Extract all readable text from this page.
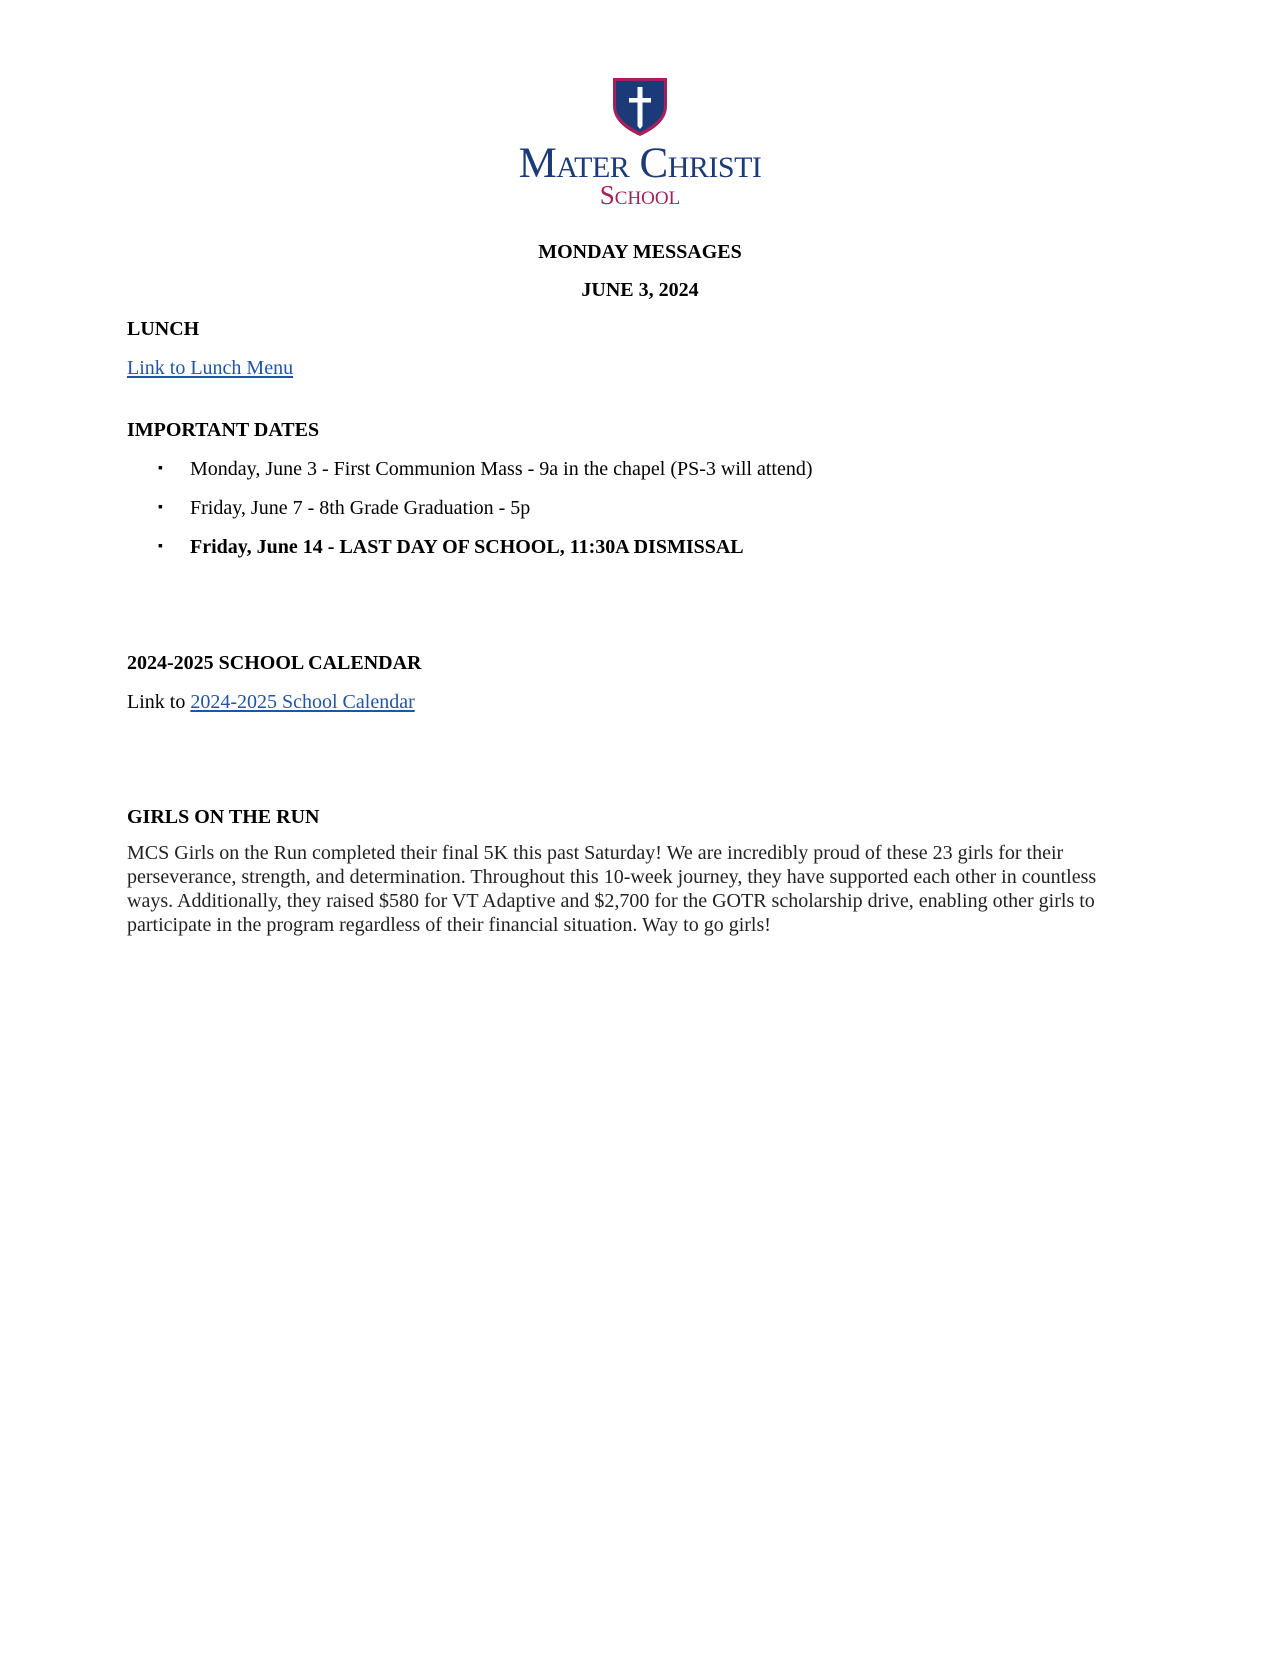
Mater Christi
School
MONDAY MESSAGES
JUNE 3, 2024
LUNCH
Link to Lunch Menu
IMPORTANT DATES
▪ Monday, June 3 - First Communion Mass - 9a in the chapel (PS-3 will attend)
▪ Friday, June 7 - 8th Grade Graduation - 5p
▪ Friday, June 14 - LAST DAY OF SCHOOL, 11:30A DISMISSAL
2024-2025 SCHOOL CALENDAR
Link to 2024-2025 School Calendar
GIRLS ON THE RUN
MCS Girls on the Run completed their final 5K this past Saturday! We are incredibly proud of these 23 girls for their perseverance, strength, and determination. Throughout this 10-week journey, they have supported each other in countless ways. Additionally, they raised $580 for VT Adaptive and $2,700 for the GOTR scholarship drive, enabling other girls to participate in the program regardless of their financial situation. Way to go girls!
